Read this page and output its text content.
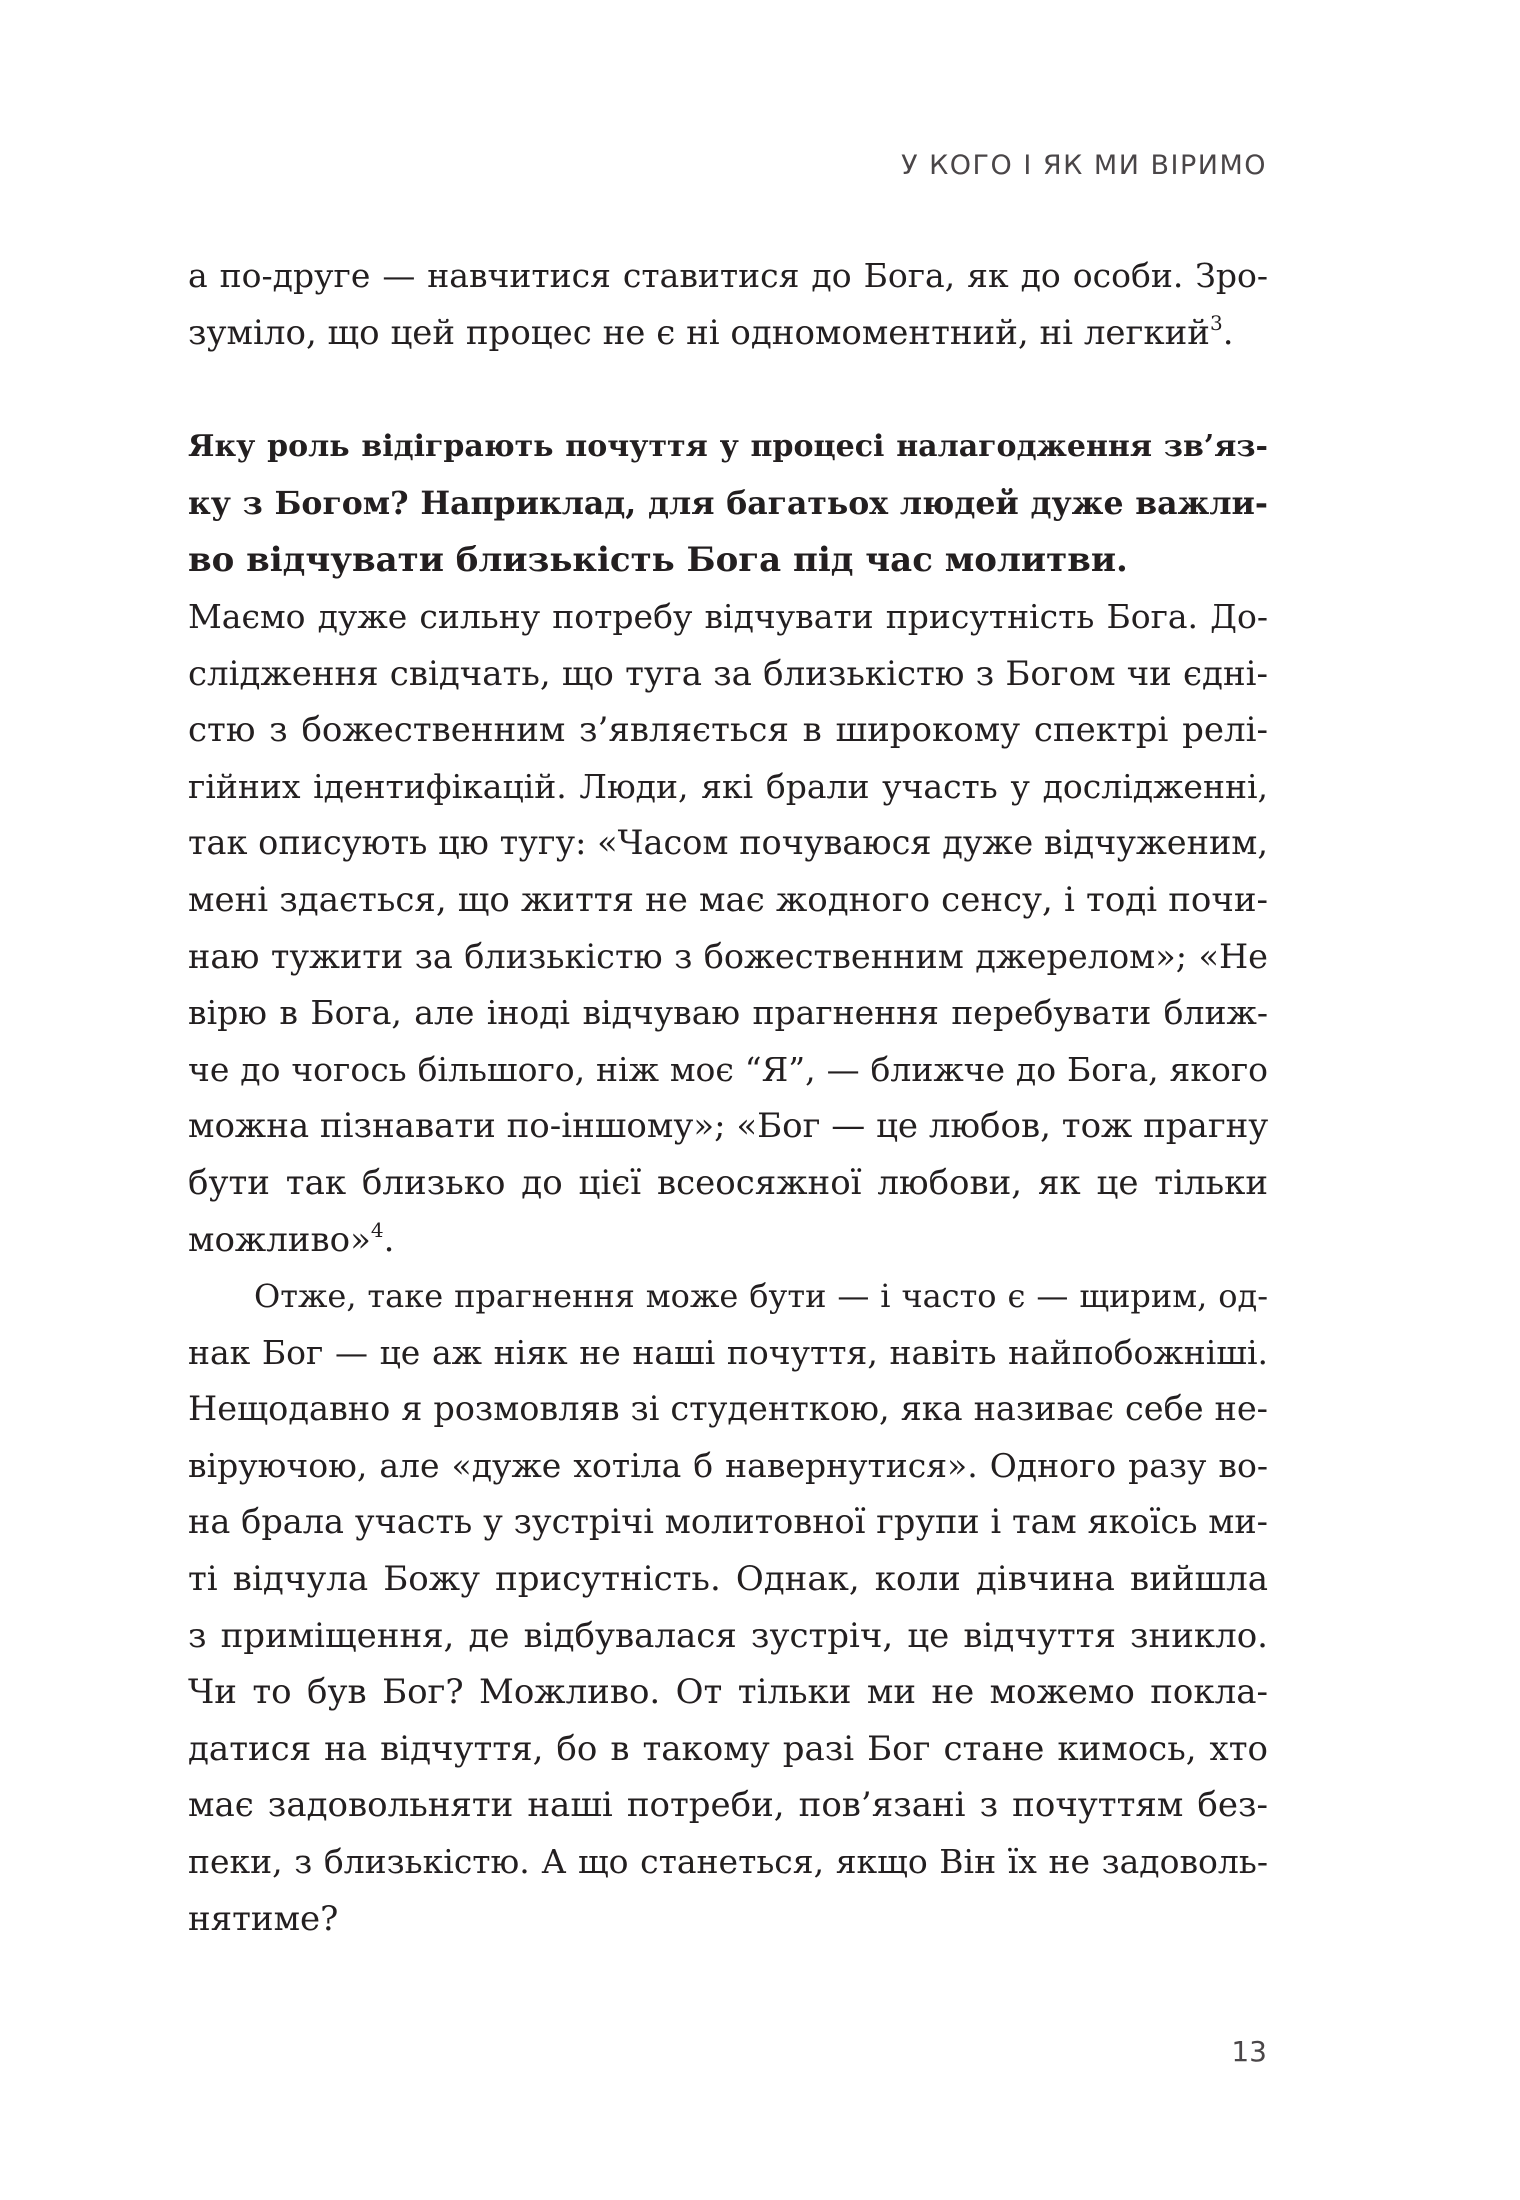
У КОГО І ЯК МИ ВІРИМО
а по-друге — навчитися ставитися до Бога, як до особи. Зро-
зуміло, що цей процес не є ні одномоментний, ні легкий$^3$.
Яку роль відіграють почуття у процесі налагодження зв’яз-
ку з Богом? Наприклад, для багатьох людей дуже важли-
во відчувати близькість Бога під час молитви.
Маємо дуже сильну потребу відчувати присутність Бога. До-
слідження свідчать, що туга за близькістю з Богом чи єдні-
стю з божественним з’являється в широкому спектрі релі-
гійних ідентифікацій. Люди, які брали участь у дослідженні,
так описують цю тугу: «Часом почуваюся дуже відчуженим,
мені здається, що життя не має жодного сенсу, і тоді почи-
наю тужити за близькістю з божественним джерелом»; «Не
вірю в Бога, але іноді відчуваю прагнення перебувати ближ-
че до чогось більшого, ніж моє “Я”, — ближче до Бога, якого
можна пізнавати по-іншому»; «Бог — це любов, тож прагну
бути так близько до цієї всеосяжної любови, як це тільки
можливо»$^4$.
Отже, таке прагнення може бути — і часто є — щирим, од-
нак Бог — це аж ніяк не наші почуття, навіть найпобожніші.
Нещодавно я розмовляв зі студенткою, яка називає себе не-
віруючою, але «дуже хотіла б навернутися». Одного разу во-
на брала участь у зустрічі молитовної групи і там якоїсь ми-
ті відчула Божу присутність. Однак, коли дівчина вийшла
з приміщення, де відбувалася зустріч, це відчуття зникло.
Чи то був Бог? Можливо. От тільки ми не можемо покла-
датися на відчуття, бо в такому разі Бог стане кимось, хто
має задовольняти наші потреби, пов’язані з почуттям без-
пеки, з близькістю. А що станеться, якщо Він їх не задоволь-
нятиме?
13
